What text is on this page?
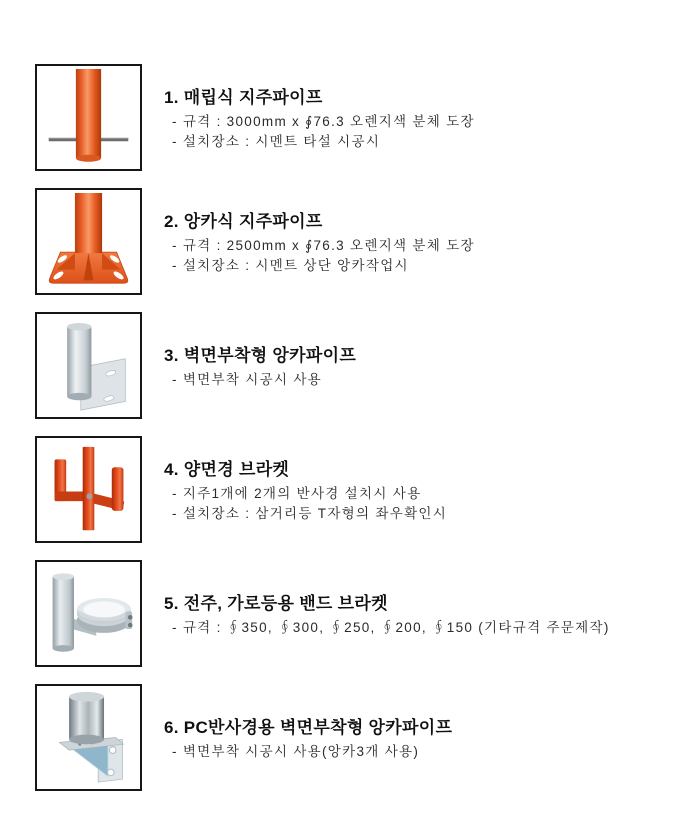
1. 매립식 지주파이프
- 규격 : 3000mm x ∮76.3 오렌지색 분체 도장
- 설치장소 : 시멘트 타설 시공시
2. 앙카식 지주파이프
- 규격 : 2500mm x ∮76.3 오렌지색 분체 도장
- 설치장소 : 시멘트 상단 앙카작업시
3. 벽면부착형 앙카파이프
- 벽면부착 시공시 사용
4. 양면경 브라켓
- 지주1개에 2개의 반사경 설치시 사용
- 설치장소 : 삼거리등 T자형의 좌우확인시
5. 전주, 가로등용 밴드 브라켓
- 규격 : ∮350, ∮300, ∮250, ∮200, ∮150 (기타규격 주문제작)
6. PC반사경용 벽면부착형 앙카파이프
- 벽면부착 시공시 사용(앙카3개 사용)
